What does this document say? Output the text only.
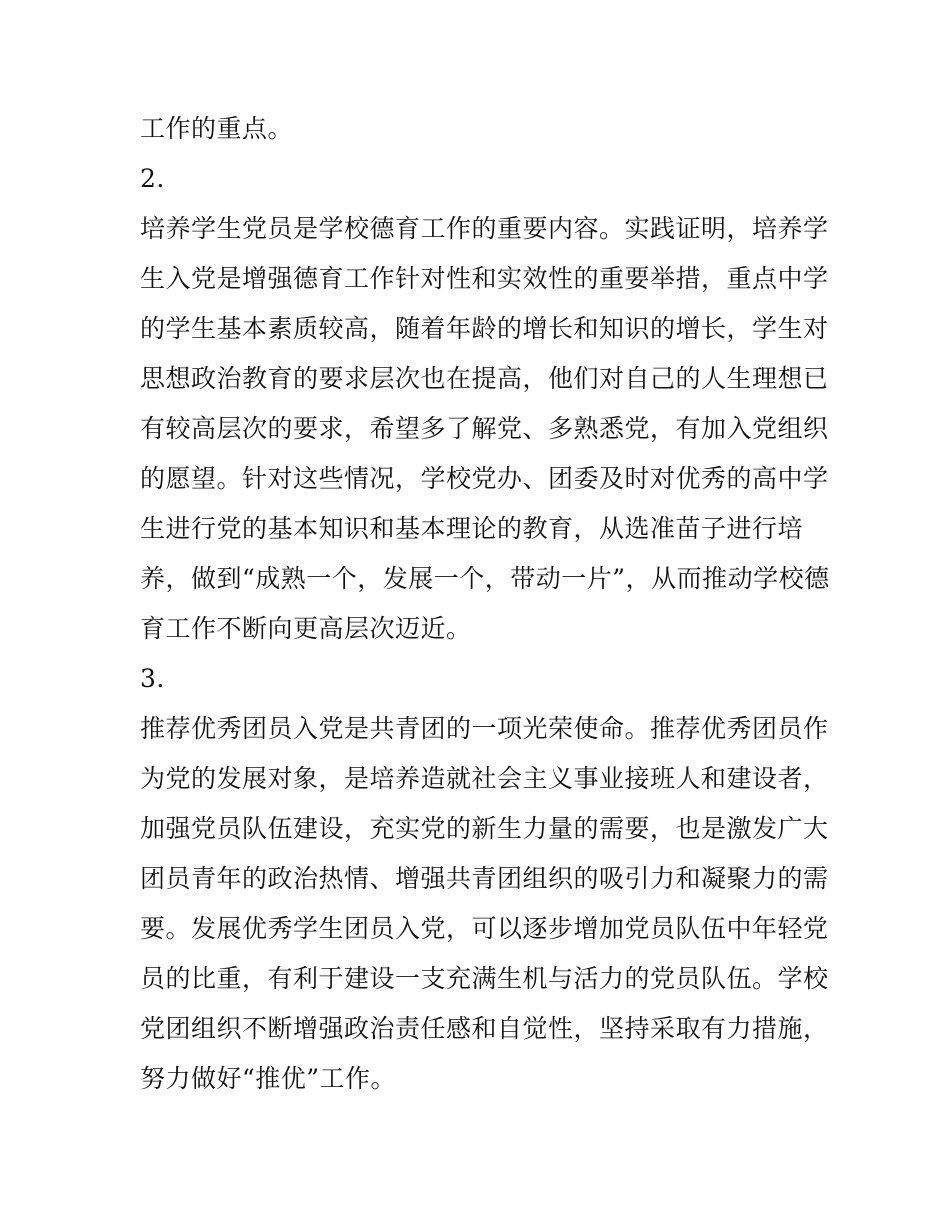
工作的重点。

2.

培养学生党员是学校德育工作的重要内容。实践证明，培养学

生入党是增强德育工作针对性和实效性的重要举措，重点中学

的学生基本素质较高，随着年龄的增长和知识的增长，学生对

思想政治教育的要求层次也在提高，他们对自己的人生理想已

有较高层次的要求，希望多了解党、多熟悉党，有加入党组织

的愿望。针对这些情况，学校党办、团委及时对优秀的高中学

生进行党的基本知识和基本理论的教育，从选准苗子进行培

养，做到“成熟一个，发展一个，带动一片”，从而推动学校德

育工作不断向更高层次迈近。

3.

推荐优秀团员入党是共青团的一项光荣使命。推荐优秀团员作

为党的发展对象，是培养造就社会主义事业接班人和建设者，

加强党员队伍建设，充实党的新生力量的需要，也是激发广大

团员青年的政治热情、增强共青团组织的吸引力和凝聚力的需

要。发展优秀学生团员入党，可以逐步增加党员队伍中年轻党

员的比重，有利于建设一支充满生机与活力的党员队伍。学校

党团组织不断增强政治责任感和自觉性，坚持采取有力措施，

努力做好“推优”工作。
